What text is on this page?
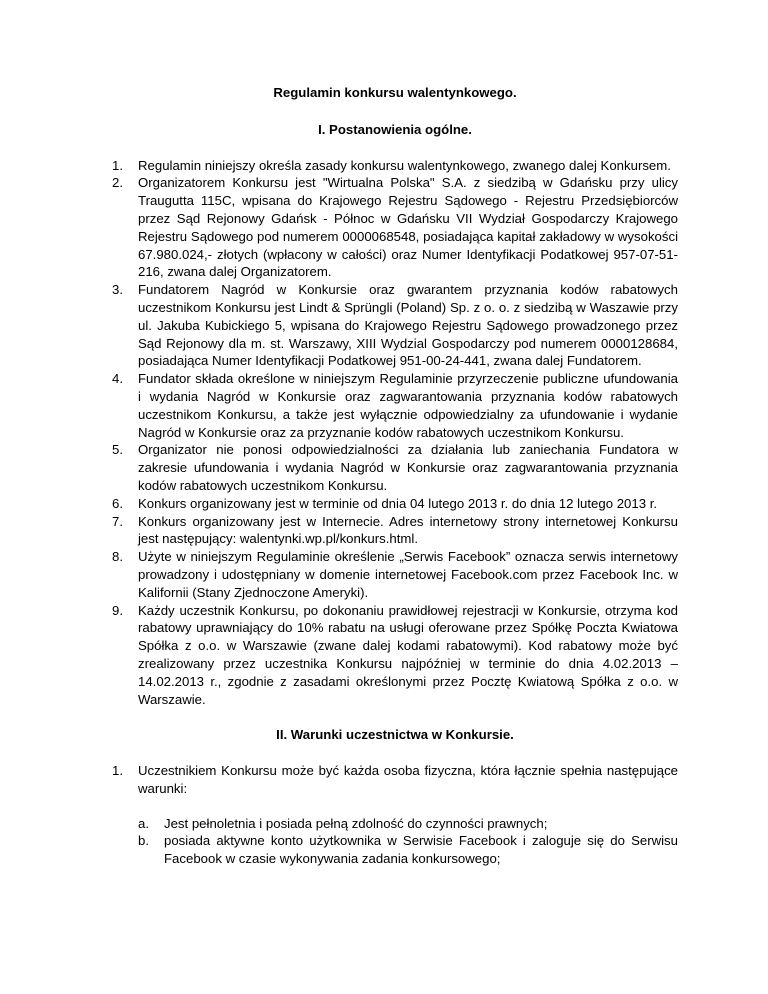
Regulamin konkursu walentynkowego.
I. Postanowienia ogólne.
1. Regulamin niniejszy określa zasady konkursu walentynkowego, zwanego dalej Konkursem.
2. Organizatorem Konkursu jest "Wirtualna Polska" S.A. z siedzibą w Gdańsku przy ulicy Traugutta 115C, wpisana do Krajowego Rejestru Sądowego - Rejestru Przedsiębiorców przez Sąd Rejonowy Gdańsk - Północ w Gdańsku VII Wydział Gospodarczy Krajowego Rejestru Sądowego pod numerem 0000068548, posiadająca kapitał zakładowy w wysokości 67.980.024,- złotych (wpłacony w całości) oraz Numer Identyfikacji Podatkowej 957-07-51-216, zwana dalej Organizatorem.
3. Fundatorem Nagród w Konkursie oraz gwarantem przyznania kodów rabatowych uczestnikom Konkursu jest Lindt & Sprüngli (Poland) Sp. z o. o. z siedzibą w Waszawie przy ul. Jakuba Kubickiego 5, wpisana do Krajowego Rejestru Sądowego prowadzonego przez Sąd Rejonowy dla m. st. Warszawy, XIII Wydzial Gospodarczy pod numerem 0000128684, posiadająca Numer Identyfikacji Podatkowej 951-00-24-441, zwana dalej Fundatorem.
4. Fundator składa określone w niniejszym Regulaminie przyrzeczenie publiczne ufundowania i wydania Nagród w Konkursie oraz zagwarantowania przyznania kodów rabatowych uczestnikom Konkursu, a także jest wyłącznie odpowiedzialny za ufundowanie i wydanie Nagród w Konkursie oraz za przyznanie kodów rabatowych uczestnikom Konkursu.
5. Organizator nie ponosi odpowiedzialności za działania lub zaniechania Fundatora w zakresie ufundowania i wydania Nagród w Konkursie oraz zagwarantowania przyznania kodów rabatowych uczestnikom Konkursu.
6. Konkurs organizowany jest w terminie od dnia 04 lutego 2013 r. do dnia 12 lutego 2013 r.
7. Konkurs organizowany jest w Internecie. Adres internetowy strony internetowej Konkursu jest następujący: walentynki.wp.pl/konkurs.html.
8. Użyte w niniejszym Regulaminie określenie „Serwis Facebook” oznacza serwis internetowy prowadzony i udostępniany w domenie internetowej Facebook.com przez Facebook Inc. w Kalifornii (Stany Zjednoczone Ameryki).
9. Każdy uczestnik Konkursu, po dokonaniu prawidłowej rejestracji w Konkursie, otrzyma kod rabatowy uprawniający do 10% rabatu na usługi oferowane przez Spółkę Poczta Kwiatowa Spółka z o.o. w Warszawie (zwane dalej kodami rabatowymi). Kod rabatowy może być zrealizowany przez uczestnika Konkursu najpóźniej w terminie do dnia 4.02.2013 – 14.02.2013 r., zgodnie z zasadami określonymi przez Pocztę Kwiatową Spółka z o.o. w Warszawie.
II. Warunki uczestnictwa w Konkursie.
1. Uczestnikiem Konkursu może być każda osoba fizyczna, która łącznie spełnia następujące warunki:
a. Jest pełnoletnia i posiada pełną zdolność do czynności prawnych;
b. posiada aktywne konto użytkownika w Serwisie Facebook i zaloguje się do Serwisu Facebook w czasie wykonywania zadania konkursowego;
